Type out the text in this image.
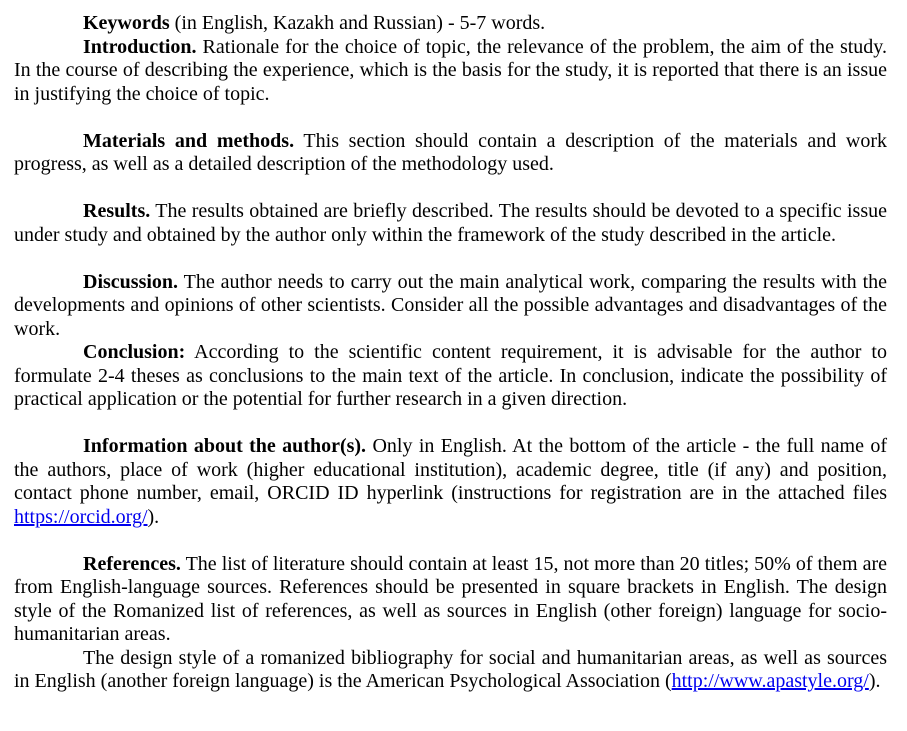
Keywords (in English, Kazakh and Russian) - 5-7 words.

Introduction. Rationale for the choice of topic, the relevance of the problem, the aim of the study. In the course of describing the experience, which is the basis for the study, it is reported that there is an issue in justifying the choice of topic.

Materials and methods. This section should contain a description of the materials and work progress, as well as a detailed description of the methodology used.

Results. The results obtained are briefly described. The results should be devoted to a specific issue under study and obtained by the author only within the framework of the study described in the article.

Discussion. The author needs to carry out the main analytical work, comparing the results with the developments and opinions of other scientists. Consider all the possible advantages and disadvantages of the work.

Conclusion: According to the scientific content requirement, it is advisable for the author to formulate 2-4 theses as conclusions to the main text of the article. In conclusion, indicate the possibility of practical application or the potential for further research in a given direction.

Information about the author(s). Only in English. At the bottom of the article - the full name of the authors, place of work (higher educational institution), academic degree, title (if any) and position, contact phone number, email, ORCID ID hyperlink (instructions for registration are in the attached files https://orcid.org/).

References. The list of literature should contain at least 15, not more than 20 titles; 50% of them are from English-language sources. References should be presented in square brackets in English. The design style of the Romanized list of references, as well as sources in English (other foreign) language for socio-humanitarian areas.

The design style of a romanized bibliography for social and humanitarian areas, as well as sources in English (another foreign language) is the American Psychological Association (http://www.apastyle.org/).
